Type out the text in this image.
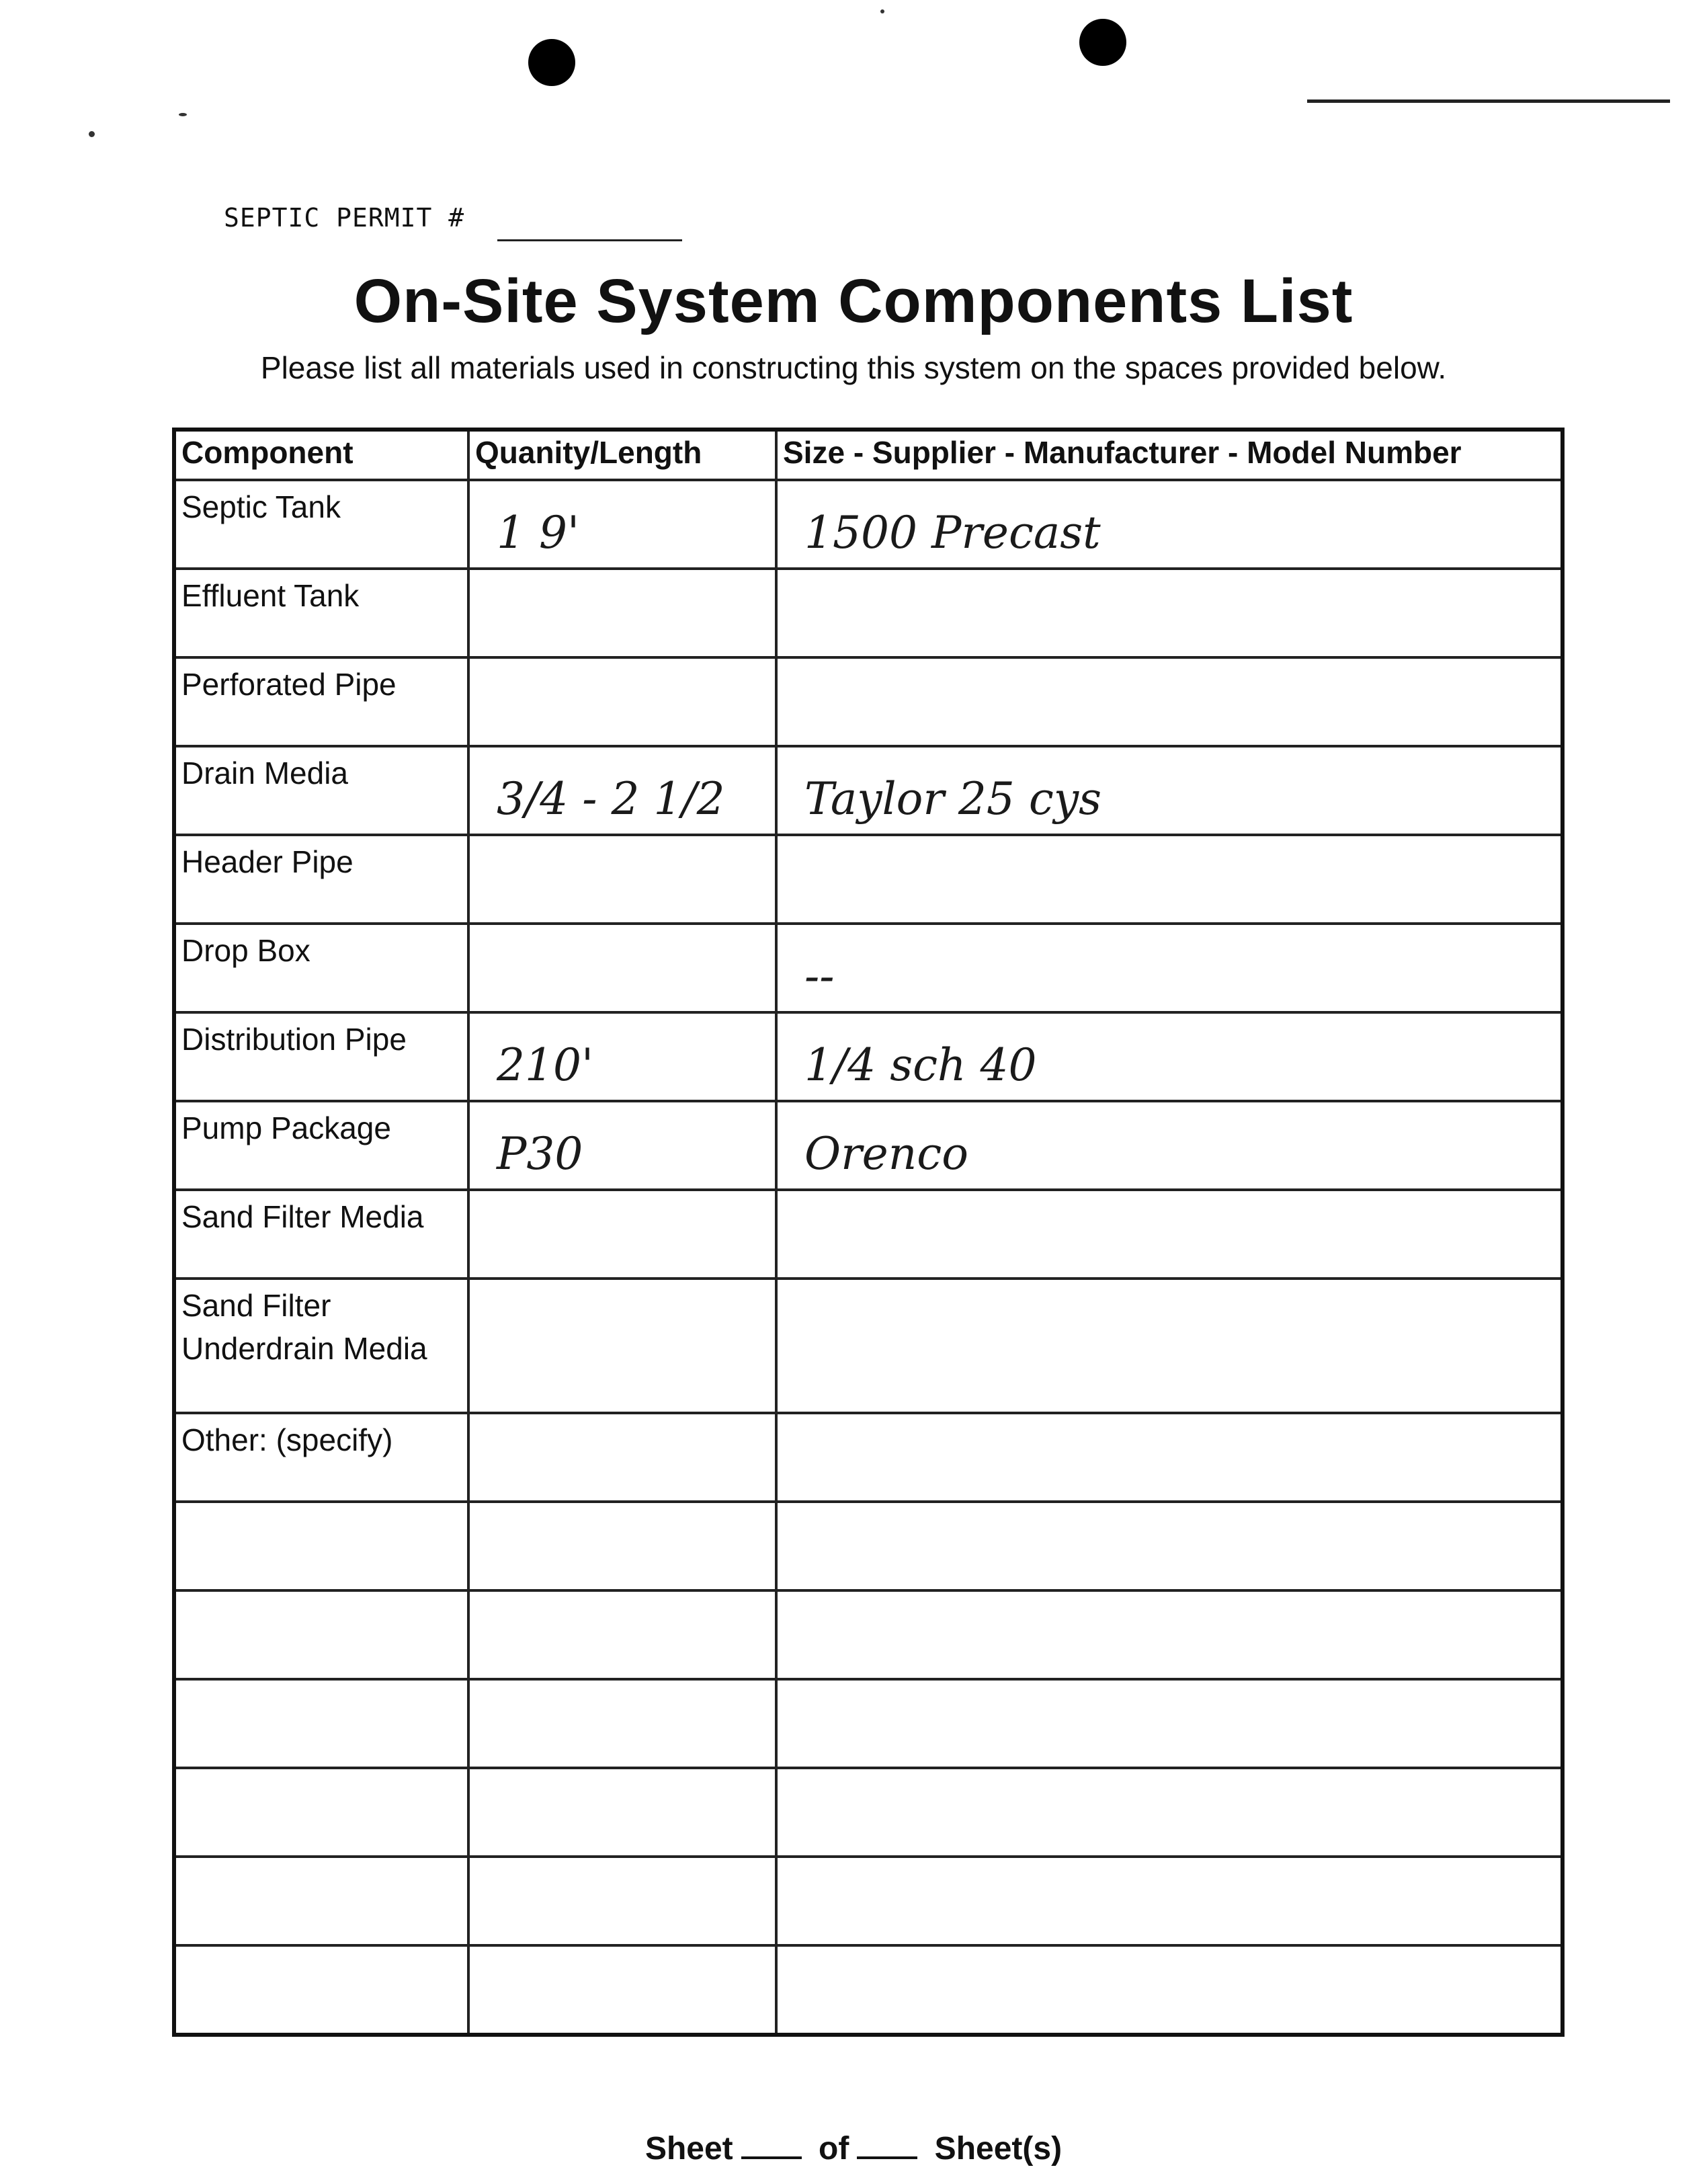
SEPTIC PERMIT #
On-Site System Components List
Please list all materials used in constructing this system on the spaces provided below.
Component	Quanity/Length	Size - Supplier - Manufacturer - Model Number

Septic Tank	1 9'	1500 Precast

Effluent Tank		

Perforated Pipe		

Drain Media	3/4 - 2 1/2	Taylor 25 cys

Header Pipe		

Drop Box		--

Distribution Pipe	210'	1/4 sch 40

Pump Package	P30	Orenco

Sand Filter Media		

Sand Filter Underdrain Media		

Other: (specify)		

Sheet	of	Sheet(s)
